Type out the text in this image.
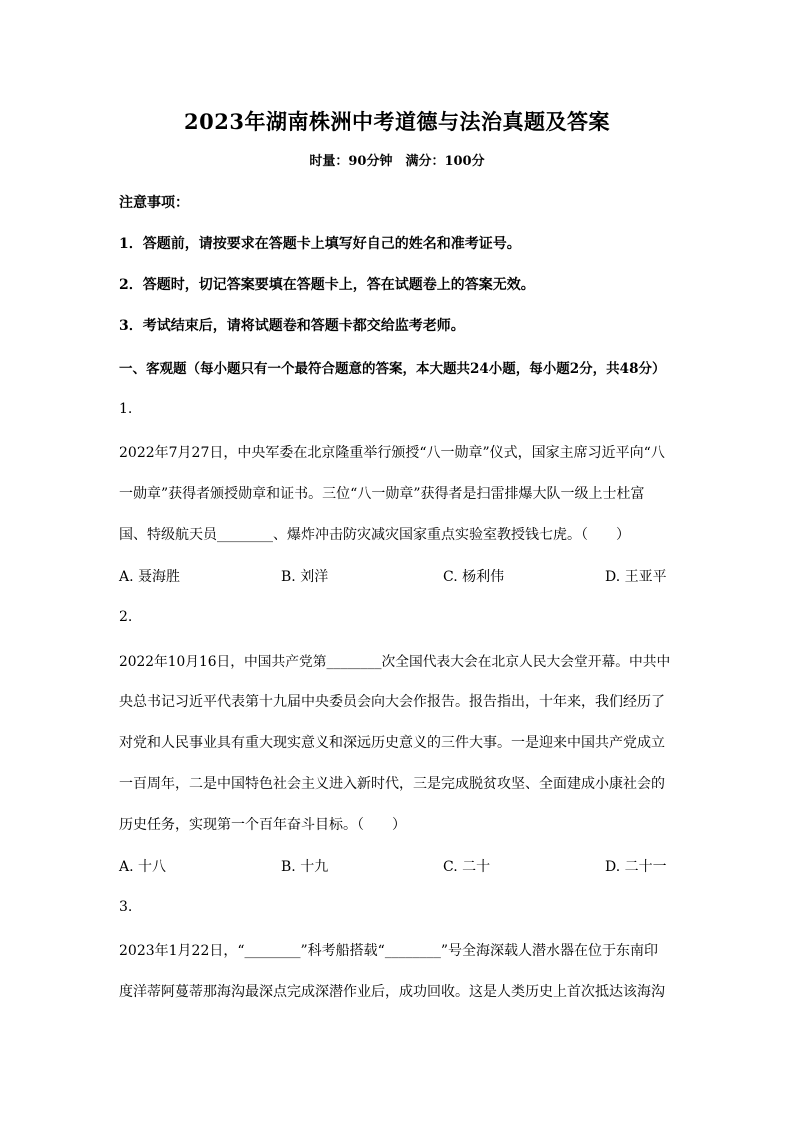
2023年湖南株洲中考道德与法治真题及答案
时量：90分钟　满分：100分
注意事项：
1．答题前，请按要求在答题卡上填写好自己的姓名和准考证号。
2．答题时，切记答案要填在答题卡上，答在试题卷上的答案无效。
3．考试结束后，请将试题卷和答题卡都交给监考老师。
一、客观题（每小题只有一个最符合题意的答案，本大题共24小题，每小题2分，共48分）
1.
2022年7月27日，中央军委在北京隆重举行颁授“八一勋章”仪式，国家主席习近平向“八
一勋章”获得者颁授勋章和证书。三位“八一勋章”获得者是扫雷排爆大队一级上士杜富
国、特级航天员________、爆炸冲击防灾减灾国家重点实验室教授钱七虎。（　　）
A. 聂海胜	B. 刘洋	C. 杨利伟	D. 王亚平
2.
2022年10月16日，中国共产党第________次全国代表大会在北京人民大会堂开幕。中共中
央总书记习近平代表第十九届中央委员会向大会作报告。报告指出，十年来，我们经历了
对党和人民事业具有重大现实意义和深远历史意义的三件大事。一是迎来中国共产党成立
一百周年，二是中国特色社会主义进入新时代，三是完成脱贫攻坚、全面建成小康社会的
历史任务，实现第一个百年奋斗目标。（　　）
A. 十八	B. 十九	C. 二十	D. 二十一
3.
2023年1月22日，“________”科考船搭载“________”号全海深载人潜水器在位于东南印
度洋蒂阿蔓蒂那海沟最深点完成深潜作业后，成功回收。这是人类历史上首次抵达该海沟
